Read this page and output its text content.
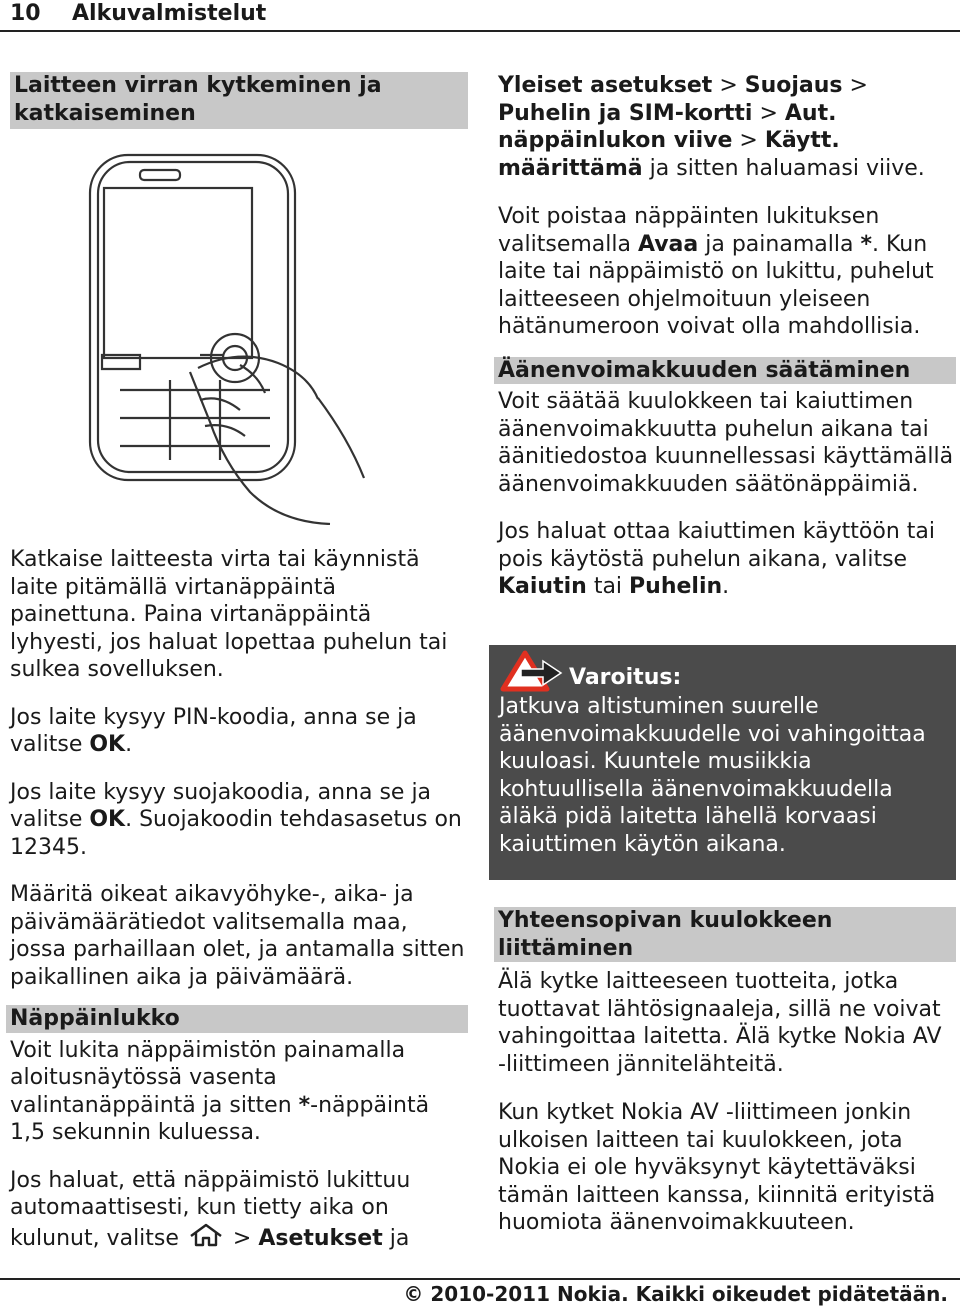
10 Alkuvalmistelut
Laitteen virran kytkeminen ja katkaiseminen

Katkaise laitteesta virta tai käynnistä laite pitämällä virtanäppäintä painettuna. Paina virtanäppäintä lyhyesti, jos haluat lopettaa puhelun tai sulkea sovelluksen.

Jos laite kysyy PIN-koodia, anna se ja valitse OK.

Jos laite kysyy suojakoodia, anna se ja valitse OK. Suojakoodin tehdasasetus on 12345.

Määritä oikeat aikavyöhyke-, aika- ja päivämäärätiedot valitsemalla maa, jossa parhaillaan olet, ja antamalla sitten paikallinen aika ja päivämäärä.

Näppäinlukko

Voit lukita näppäimistön painamalla aloitusnäytössä vasenta valintanäppäintä ja sitten *-näppäintä 1,5 sekunnin kuluessa.

Jos haluat, että näppäimistö lukittuu automaattisesti, kun tietty aika on kulunut, valitse  > Asetukset ja

Yleiset asetukset > Suojaus > Puhelin ja SIM-kortti > Aut. näppäinlukon viive > Käytt. määrittämä ja sitten haluamasi viive.

Voit poistaa näppäinten lukituksen valitsemalla Avaa ja painamalla *. Kun laite tai näppäimistö on lukittu, puhelut laitteeseen ohjelmoituun yleiseen hätänumeroon voivat olla mahdollisia.

Äänenvoimakkuuden säätäminen

Voit säätää kuulokkeen tai kaiuttimen äänenvoimakkuutta puhelun aikana tai äänitiedostoa kuunnellessasi käyttämällä äänenvoimakkuuden säätönäppäimiä.

Jos haluat ottaa kaiuttimen käyttöön tai pois käytöstä puhelun aikana, valitse Kaiutin tai Puhelin.

Varoitus:

Jatkuva altistuminen suurelle äänenvoimakkuudelle voi vahingoittaa kuuloasi. Kuuntele musiikkia kohtuullisella äänenvoimakkuudella äläkä pidä laitetta lähellä korvaasi kaiuttimen käytön aikana.

Yhteensopivan kuulokkeen liittäminen

Älä kytke laitteeseen tuotteita, jotka tuottavat lähtösignaaleja, sillä ne voivat vahingoittaa laitetta. Älä kytke Nokia AV -liittimeen jännitelähteitä.

Kun kytket Nokia AV -liittimeen jonkin ulkoisen laitteen tai kuulokkeen, jota Nokia ei ole hyväksynyt käytettäväksi tämän laitteen kanssa, kiinnitä erityistä huomiota äänenvoimakkuuteen.

© 2010-2011 Nokia. Kaikki oikeudet pidätetään.
